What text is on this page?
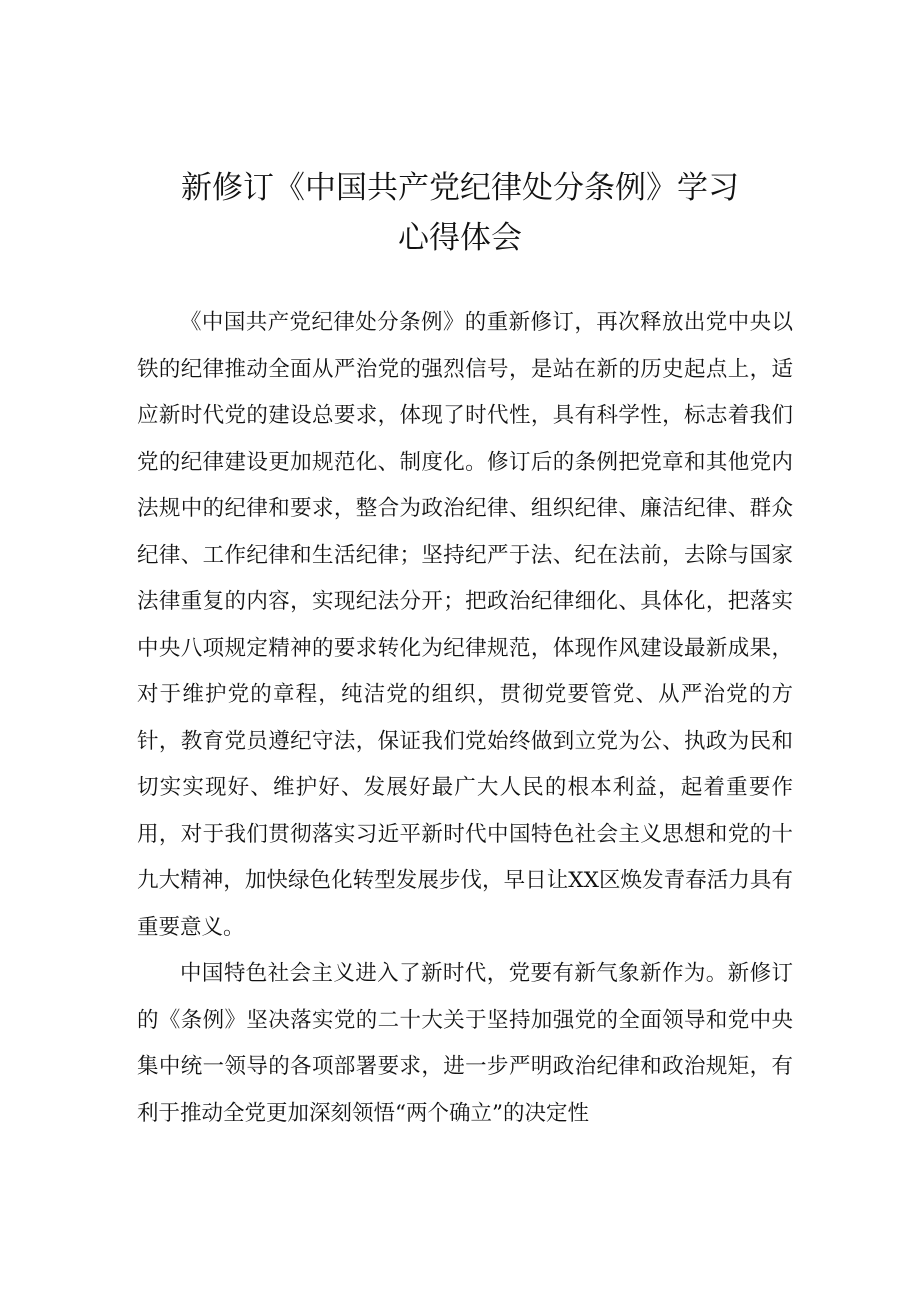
新修订《中国共产党纪律处分条例》学习
心得体会

《中国共产党纪律处分条例》的重新修订，再次释放出党中央以铁的纪律推动全面从严治党的强烈信号，是站在新的历史起点上，适应新时代党的建设总要求，体现了时代性，具有科学性，标志着我们党的纪律建设更加规范化、制度化。修订后的条例把党章和其他党内法规中的纪律和要求，整合为政治纪律、组织纪律、廉洁纪律、群众纪律、工作纪律和生活纪律；坚持纪严于法、纪在法前，去除与国家法律重复的内容，实现纪法分开；把政治纪律细化、具体化，把落实中央八项规定精神的要求转化为纪律规范，体现作风建设最新成果，对于维护党的章程，纯洁党的组织，贯彻党要管党、从严治党的方针，教育党员遵纪守法，保证我们党始终做到立党为公、执政为民和切实实现好、维护好、发展好最广大人民的根本利益，起着重要作用，对于我们贯彻落实习近平新时代中国特色社会主义思想和党的十九大精神，加快绿色化转型发展步伐，早日让XX区焕发青春活力具有重要意义。

中国特色社会主义进入了新时代，党要有新气象新作为。新修订的《条例》坚决落实党的二十大关于坚持加强党的全面领导和党中央集中统一领导的各项部署要求，进一步严明政治纪律和政治规矩，有利于推动全党更加深刻领悟“两个确立”的决定性
